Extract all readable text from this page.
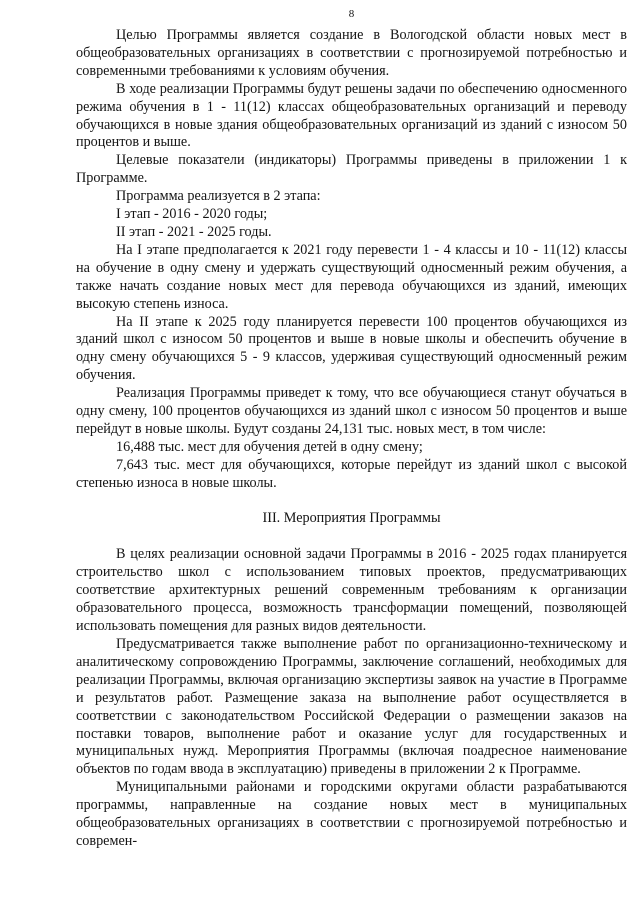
8

Целью Программы является создание в Вологодской области новых мест в общеобразовательных организациях в соответствии с прогнозируемой потребностью и современными требованиями к условиям обучения.

В ходе реализации Программы будут решены задачи по обеспечению односменного режима обучения в 1 - 11(12) классах общеобразовательных организаций и переводу обучающихся в новые здания общеобразовательных организаций из зданий с износом 50 процентов и выше.

Целевые показатели (индикаторы) Программы приведены в приложении 1 к Программе.

Программа реализуется в 2 этапа:

I этап - 2016 - 2020 годы;

II этап - 2021 - 2025 годы.

На I этапе предполагается к 2021 году перевести 1 - 4 классы и 10 - 11(12) классы на обучение в одну смену и удержать существующий односменный режим обучения, а также начать создание новых мест для перевода обучающихся из зданий, имеющих высокую степень износа.

На II этапе к 2025 году планируется перевести 100 процентов обучающихся из зданий школ с износом 50 процентов и выше в новые школы и обеспечить обучение в одну смену обучающихся 5 - 9 классов, удерживая существующий односменный режим обучения.

Реализация Программы приведет к тому, что все обучающиеся станут обучаться в одну смену, 100 процентов обучающихся из зданий школ с износом 50 процентов и выше перейдут в новые школы. Будут созданы 24,131 тыс. новых мест, в том числе:

16,488 тыс. мест для обучения детей в одну смену;

7,643 тыс. мест для обучающихся, которые перейдут из зданий школ с высокой степенью износа в новые школы.

III. Мероприятия Программы

В целях реализации основной задачи Программы в 2016 - 2025 годах планируется строительство школ с использованием типовых проектов, предусматривающих соответствие архитектурных решений современным требованиям к организации образовательного процесса, возможность трансформации помещений, позволяющей использовать помещения для разных видов деятельности.

Предусматривается также выполнение работ по организационно-техническому и аналитическому сопровождению Программы, заключение соглашений, необходимых для реализации Программы, включая организацию экспертизы заявок на участие в Программе и результатов работ. Размещение заказа на выполнение работ осуществляется в соответствии с законодательством Российской Федерации о размещении заказов на поставки товаров, выполнение работ и оказание услуг для государственных и муниципальных нужд. Мероприятия Программы (включая поадресное наименование объектов по годам ввода в эксплуатацию) приведены в приложении 2 к Программе.

Муниципальными районами и городскими округами области разрабатываются программы, направленные на создание новых мест в муниципальных общеобразовательных организациях в соответствии с прогнозируемой потребностью и современ-
